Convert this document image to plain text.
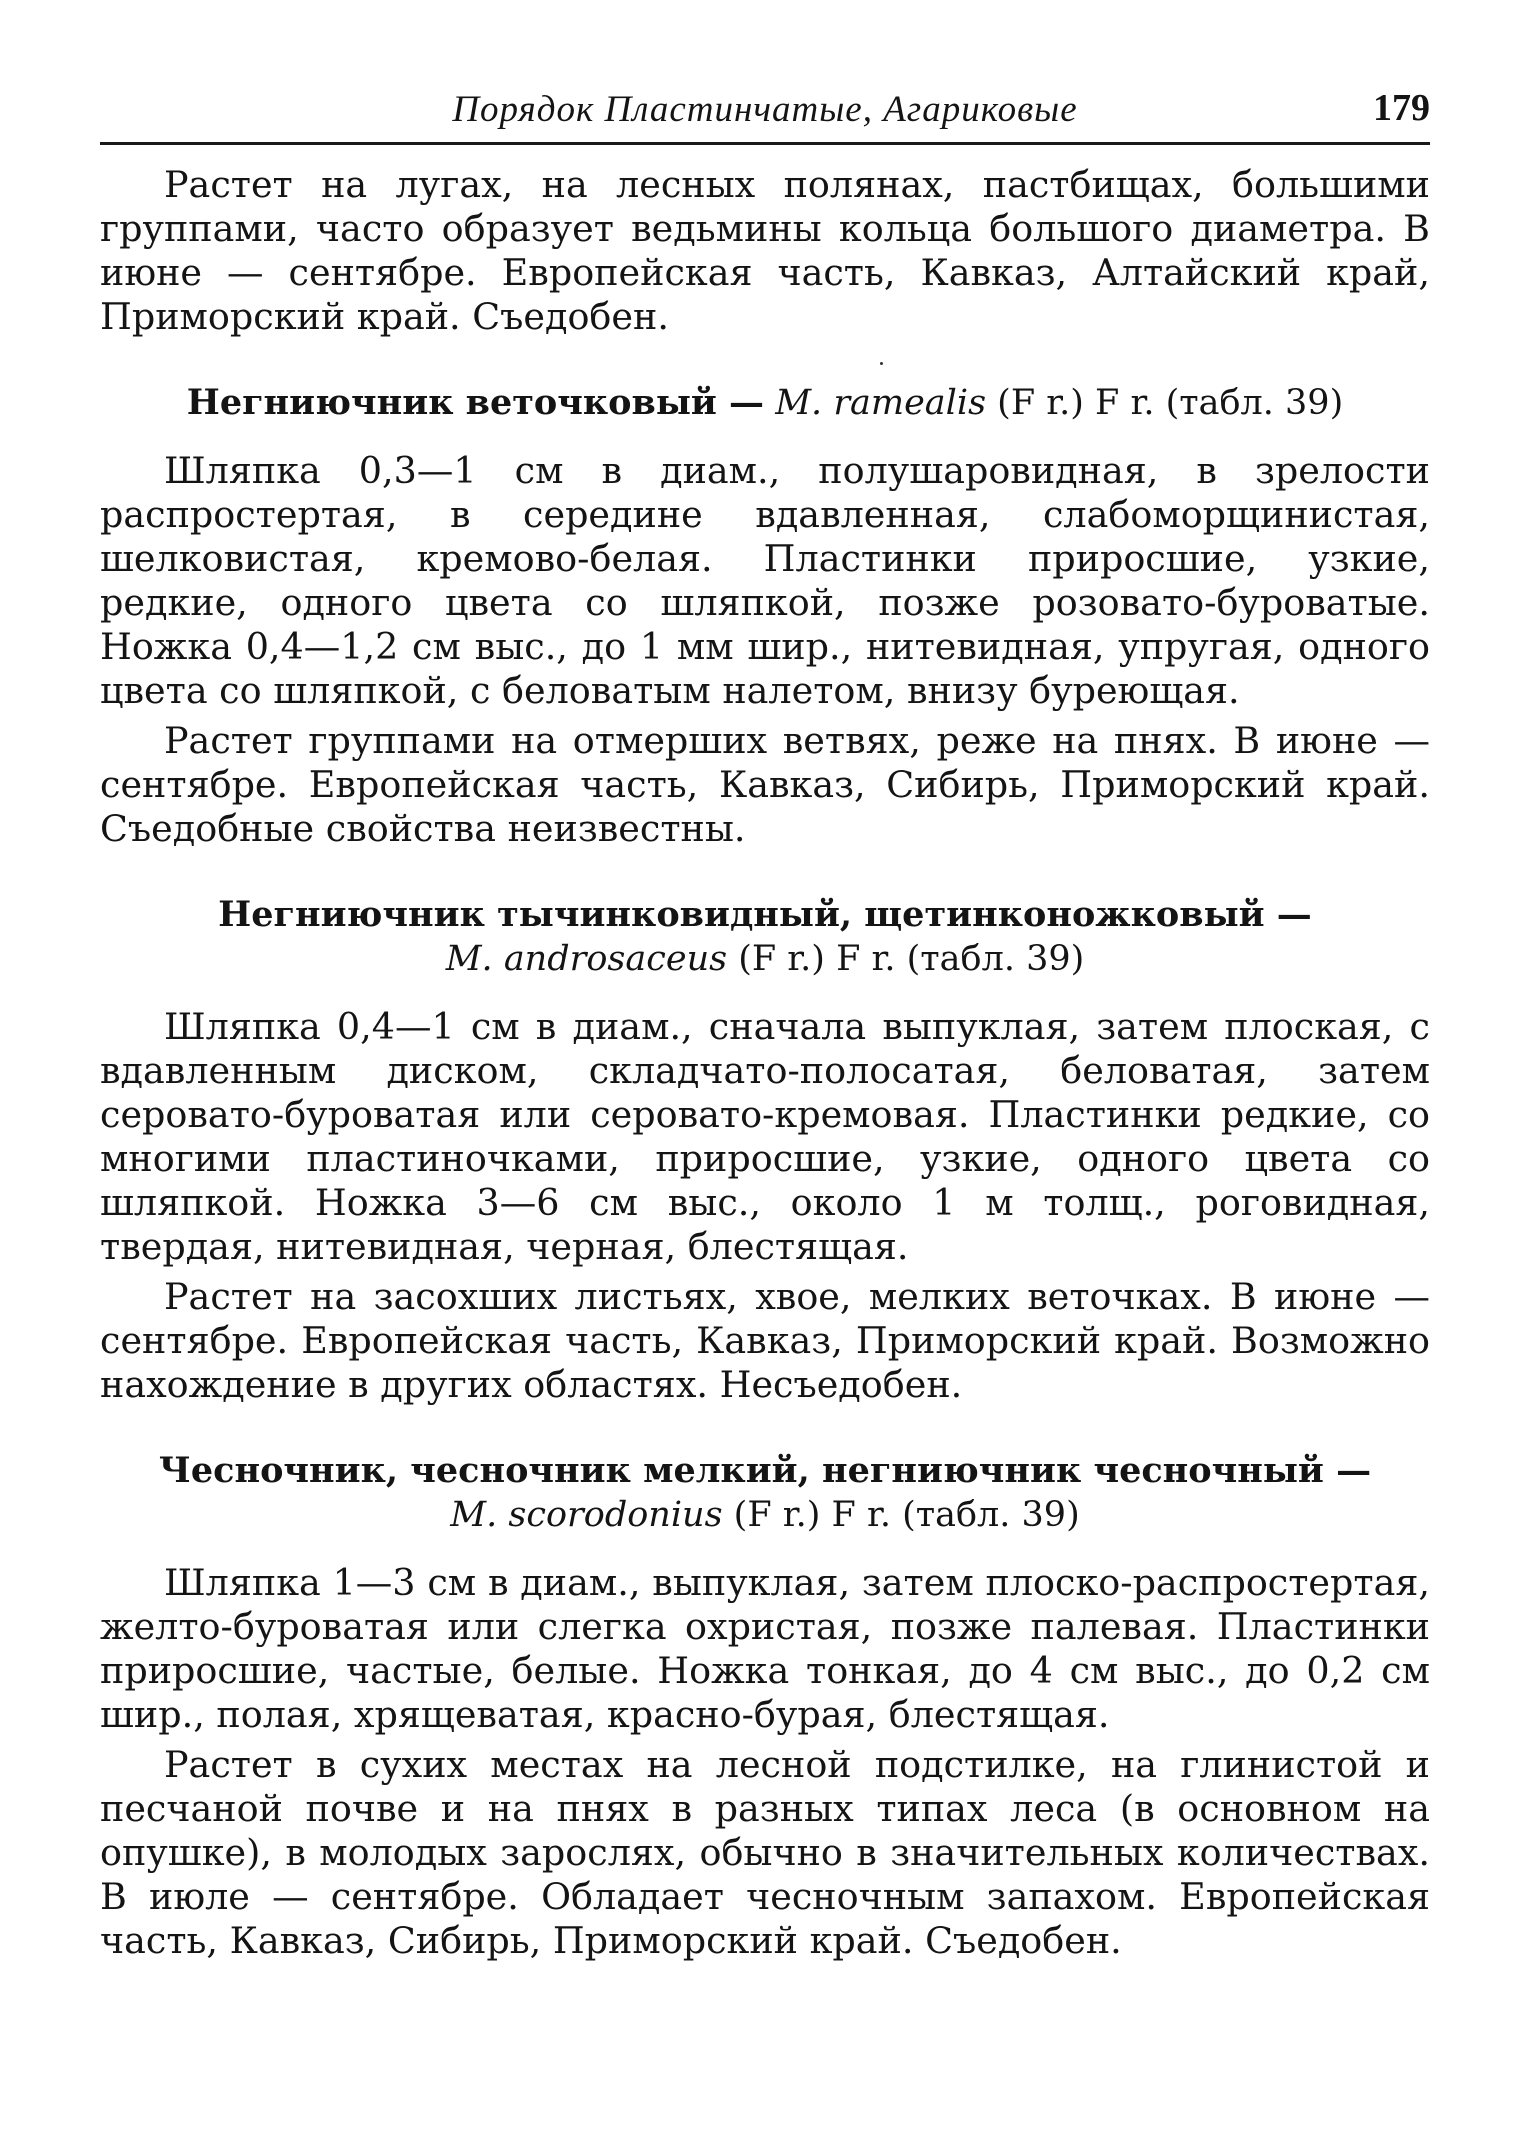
Порядок Пластинчатые, Агариковые	179

Растет на лугах, на лесных полянах, пастбищах, большими группами, часто образует ведьмины кольца большого диаметра. В июне — сентябре. Европейская часть, Кавказ, Алтайский край, Приморский край. Съедобен.

Негниючник веточковый — M. ramealis (F r.) F r. (табл. 39)

Шляпка 0,3—1 см в диам., полушаровидная, в зрелости распростертая, в середине вдавленная, слабоморщинистая, шелковистая, кремово-белая. Пластинки приросшие, узкие, редкие, одного цвета со шляпкой, позже розовато-буроватые. Ножка 0,4—1,2 см выс., до 1 мм шир., нитевидная, упругая, одного цвета со шляпкой, с беловатым налетом, внизу буреющая.

Растет группами на отмерших ветвях, реже на пнях. В июне — сентябре. Европейская часть, Кавказ, Сибирь, Приморский край. Съедобные свойства неизвестны.

Негниючник тычинковидный, щетинконожковый —
M. androsaceus (F r.) F r. (табл. 39)

Шляпка 0,4—1 см в диам., сначала выпуклая, затем плоская, с вдавленным диском, складчато-полосатая, беловатая, затем серовато-буроватая или серовато-кремовая. Пластинки редкие, со многими пластиночками, приросшие, узкие, одного цвета со шляпкой. Ножка 3—6 см выс., около 1 м толщ., роговидная, твердая, нитевидная, черная, блестящая.

Растет на засохших листьях, хвое, мелких веточках. В июне — сентябре. Европейская часть, Кавказ, Приморский край. Возможно нахождение в других областях. Несъедобен.

Чесночник, чесночник мелкий, негниючник чесночный —
M. scorodonius (F r.) F r. (табл. 39)

Шляпка 1—3 см в диам., выпуклая, затем плоско-распростертая, желто-буроватая или слегка охристая, позже палевая. Пластинки приросшие, частые, белые. Ножка тонкая, до 4 см выс., до 0,2 см шир., полая, хрящеватая, красно-бурая, блестящая.

Растет в сухих местах на лесной подстилке, на глинистой и песчаной почве и на пнях в разных типах леса (в основном на опушке), в молодых зарослях, обычно в значительных количествах. В июле — сентябре. Обладает чесночным запахом. Европейская часть, Кавказ, Сибирь, Приморский край. Съедобен.
